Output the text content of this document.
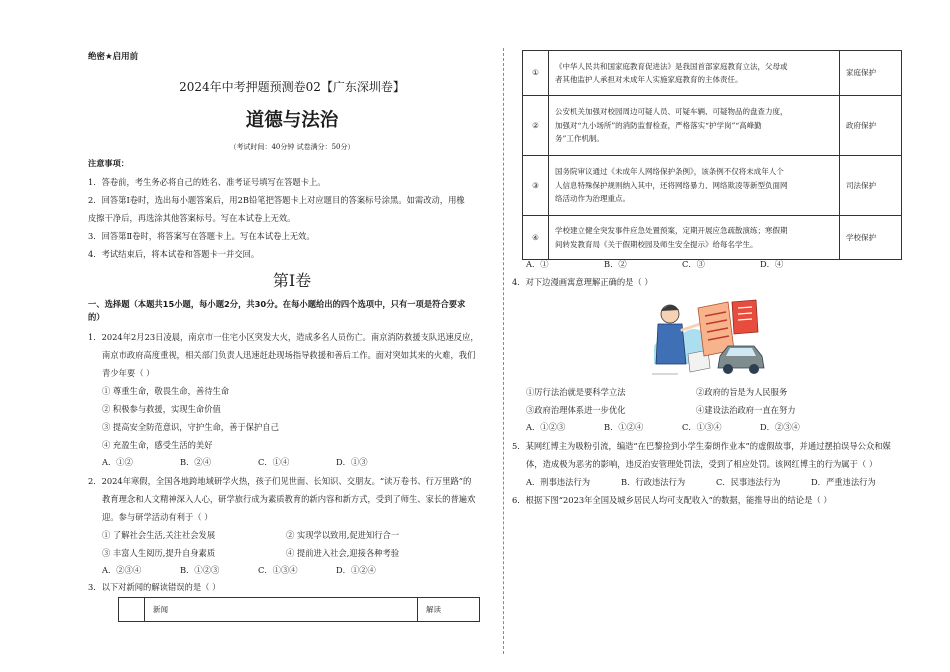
绝密★启用前
2024年中考押题预测卷02【广东深圳卷】
道德与法治
（考试时间：40分钟 试卷满分：50分）
注意事项：
1．答卷前，考生务必将自己的姓名、准考证号填写在答题卡上。
2．回答第Ⅰ卷时，选出每小题答案后，用2B铅笔把答题卡上对应题目的答案标号涂黑。如需改动，用橡
皮擦干净后，再选涂其他答案标号。写在本试卷上无效。
3．回答第Ⅱ卷时，将答案写在答题卡上。写在本试卷上无效。
4．考试结束后，将本试卷和答题卡一并交回。
第Ⅰ卷
一、选择题（本题共15小题，每小题2分，共30分。在每小题给出的四个选项中，只有一项是符合要求
的）
1．2024年2月23日凌晨，南京市一住宅小区突发大火，造成多名人员伤亡。南京消防救援支队迅速反应，
南京市政府高度重视，相关部门负责人迅速赶赴现场指导救援和善后工作。面对突如其来的火难，我们
青少年要（ ）
① 尊重生命，敬畏生命，善待生命
② 积极参与救援，实现生命价值
③ 提高安全防范意识，守护生命，善于保护自己
④ 充盈生命，感受生活的美好
A．①②	B．②④	C．①④	D．①③
2．2024年寒假，全国各地跨地域研学火热，孩子们见世面、长知识、交朋友。“读万卷书、行万里路”的
教育理念和人文精神深入人心，研学旅行成为素质教育的新内容和新方式，受到了师生、家长的普遍欢
迎。参与研学活动有利于（ ）
① 了解社会生活,关注社会发展	② 实现学以致用,促进知行合一
③ 丰富人生阅历,提升自身素质	④ 提前进入社会,迎接各种考验
A．②③④	B．①②③	C．①③④	D．①②④
3．以下对新闻的解读错误的是（ ）
	新闻	解读
①	《中华人民共和国家庭教育促进法》是我国首部家庭教育立法，父母或
者其他监护人承担对未成年人实施家庭教育的主体责任。	家庭保护
②	公安机关加强对校园周边可疑人员、可疑车辆、可疑物品的盘查力度，
加强对“九小场所”的消防监督检查，严格落实“护学岗”“高峰勤
务”工作机制。	政府保护
③	国务院审议通过《未成年人网络保护条例》，该条例不仅将未成年人个
人信息特殊保护规则纳入其中，还将网络暴力、网络欺凌等新型负面网
络活动作为治理重点。	司法保护
④	学校建立健全突发事件应急处置预案，定期开展应急疏散演练；寒假期
间转发教育局《关于假期校园及师生安全提示》给每名学生。	学校保护
A．①	B．②	C．③	D．④
4．对下边漫画寓意理解正确的是（ ）
①厉行法治就是要科学立法	②政府的旨是为人民服务
③政府治理体系进一步优化	④建设法治政府一直在努力
A．①②③	B．①②④	C．①③④	D．②③④
5．某网红博主为吸粉引流，编造“在巴黎捡到小学生秦朗作业本”的虚假故事，并通过摆拍误导公众和媒
体，造成极为恶劣的影响，违反治安管理处罚法，受到了相应处罚。该网红博主的行为属于（ ）
A．刑事违法行为	B．行政违法行为	C．民事违法行为	D．严重违法行为
6．根据下图“2023年全国及城乡居民人均可支配收入”的数据，能推导出的结论是（ ）
